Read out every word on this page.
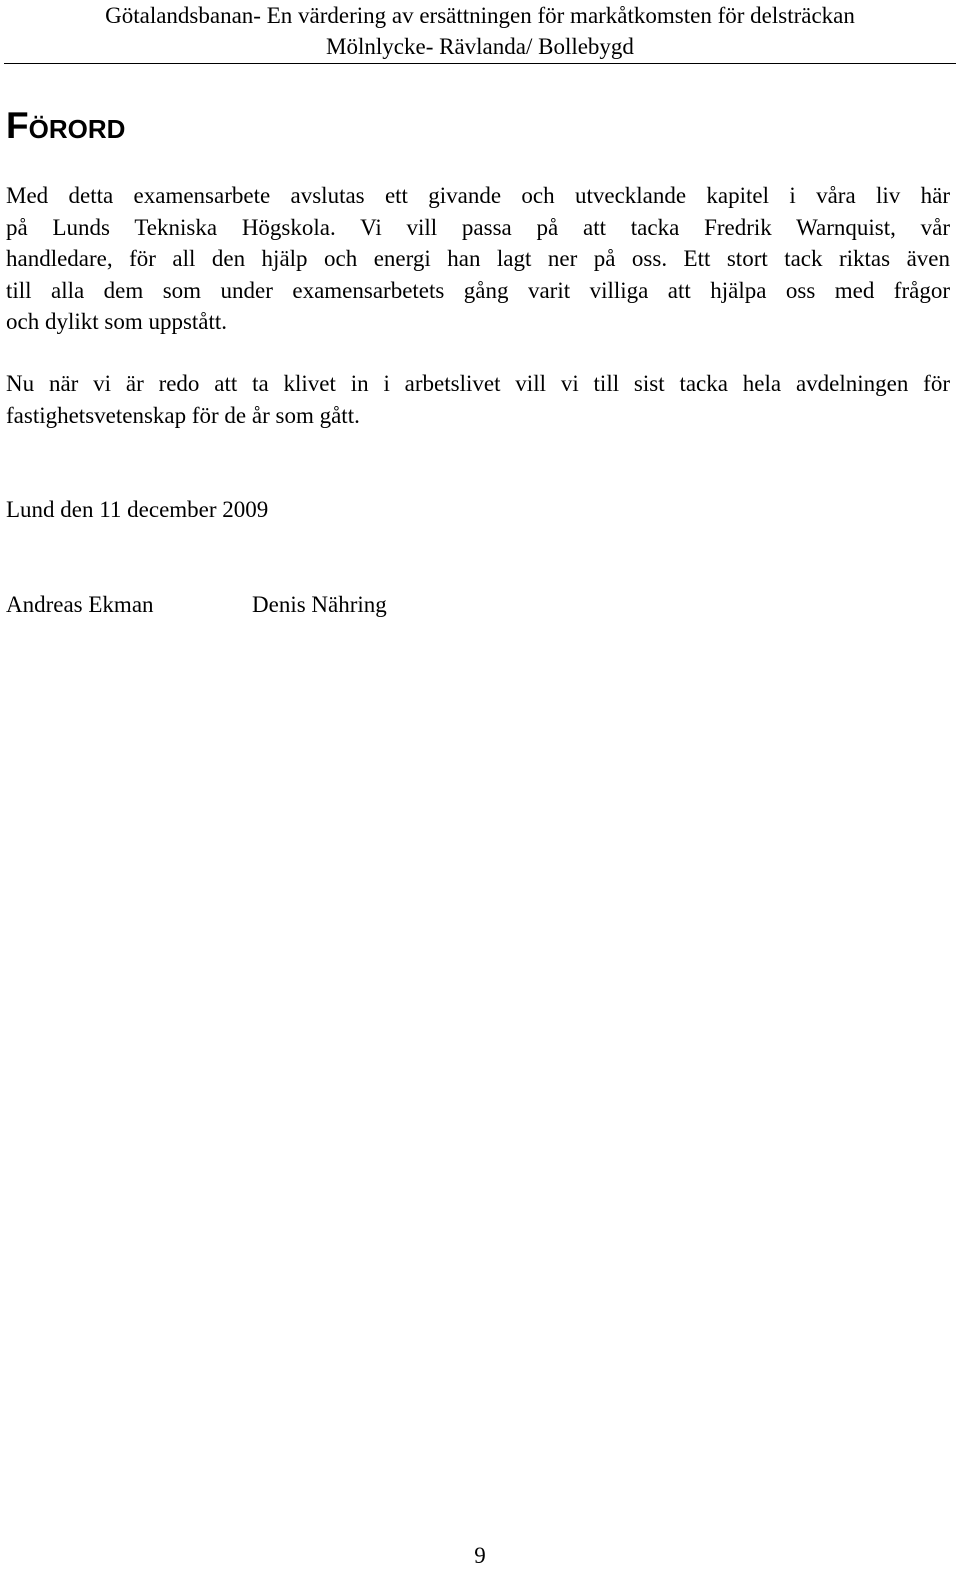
Götalandsbanan- En värdering av ersättningen för markåtkomsten för delsträckan
Mölnlycke- Rävlanda/ Bollebygd
Förord
Med detta examensarbete avslutas ett givande och utvecklande kapitel i våra liv här
på Lunds Tekniska Högskola. Vi vill passa på att tacka Fredrik Warnquist, vår
handledare, för all den hjälp och energi han lagt ner på oss. Ett stort tack riktas även
till alla dem som under examensarbetets gång varit villiga att hjälpa oss med frågor
och dylikt som uppstått.
Nu när vi är redo att ta klivet in i arbetslivet vill vi till sist tacka hela avdelningen för
fastighetsvetenskap för de år som gått.

Lund den 11 december 2009

Andreas Ekman	Denis Nähring
9
